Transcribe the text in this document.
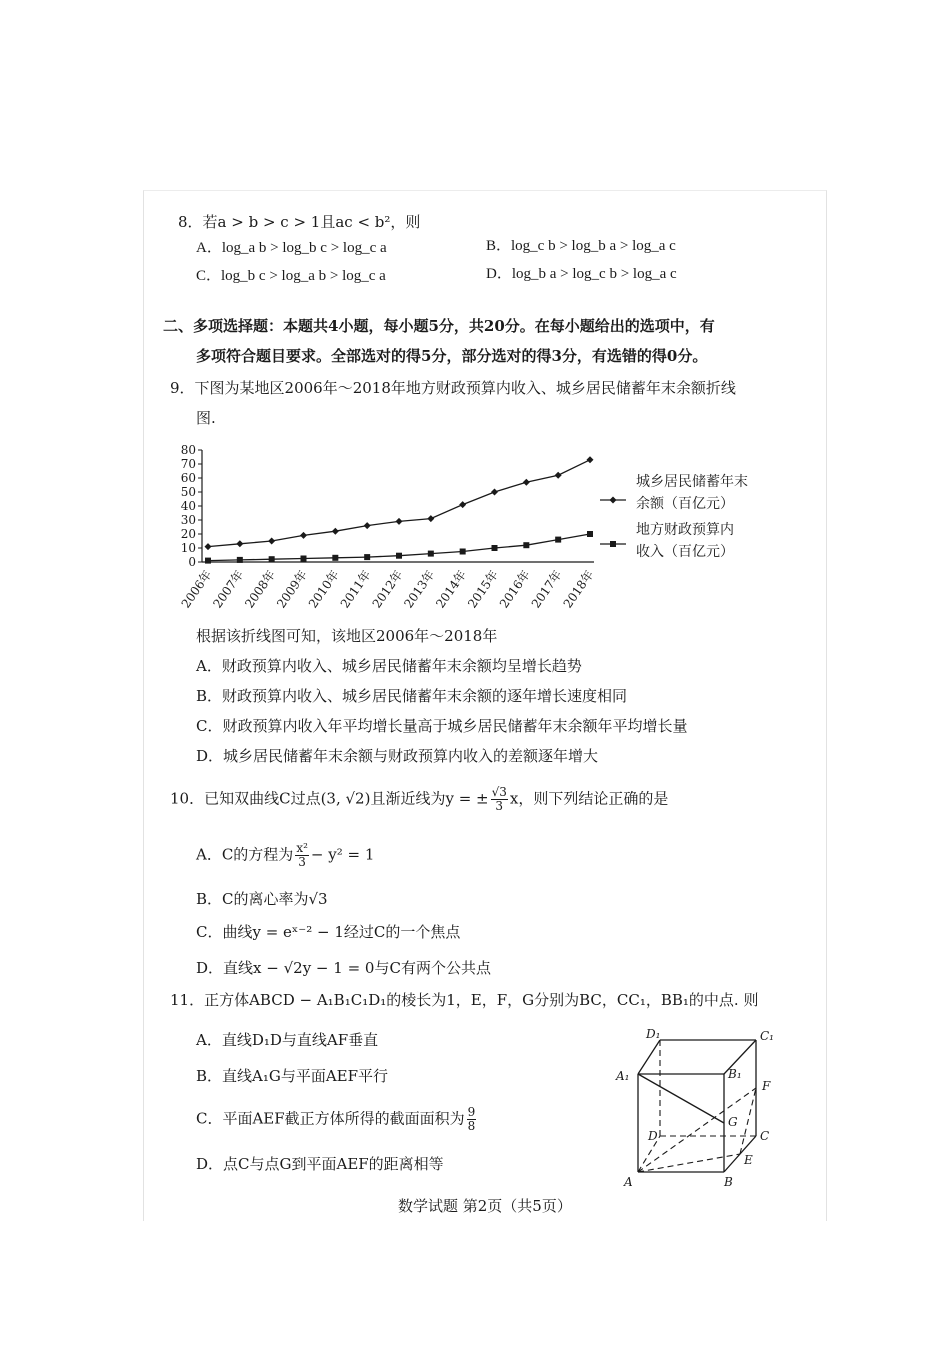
8．若a > b > c > 1且ac < b²，则
A．log_a b > log_b c > log_c a	B．log_c b > log_b a > log_a c
C．log_b c > log_a b > log_c a	D．log_b a > log_c b > log_a c
二、多项选择题：本题共4小题，每小题5分，共20分。在每小题给出的选项中，有
多项符合题目要求。全部选对的得5分，部分选对的得3分，有选错的得0分。
9．下图为某地区2006年～2018年地方财政预算内收入、城乡居民储蓄年末余额折线
图.
0
10
20
30
40
50
60
70
80
2006年
2007年
2008年
2009年
2010年
2011年
2012年
2013年
2014年
2015年
2016年
2017年
2018年
城乡居民储蓄年末
余额（百亿元）
地方财政预算内
收入（百亿元）
根据该折线图可知，该地区2006年～2018年
A．财政预算内收入、城乡居民储蓄年末余额均呈增长趋势
B．财政预算内收入、城乡居民储蓄年末余额的逐年增长速度相同
C．财政预算内收入年平均增长量高于城乡居民储蓄年末余额年平均增长量
D．城乡居民储蓄年末余额与财政预算内收入的差额逐年增大
10．已知双曲线C过点(3, √2)且渐近线为y = ± $\frac{√3}{3}$ x，则下列结论正确的是
A．C的方程为 $\frac{\text{x²}}{3} - y^2 = 1$
B．C的离心率为√3
C．曲线y = eˣ⁻² − 1经过C的一个焦点
D．直线x − √2y − 1 = 0与C有两个公共点
11．正方体ABCD − A₁B₁C₁D₁的棱长为1，E，F，G分别为BC，CC₁，BB₁的中点. 则
A．直线D₁D与直线AF垂直
B．直线A₁G与平面AEF平行
C．平面AEF截正方体所得的截面面积为 $\frac{9}{8}$
D．点C与点G到平面AEF的距离相等
D₁	C₁
A₁	B₁
F
G
D	C
E
A	B
数学试题 第2页（共5页）
